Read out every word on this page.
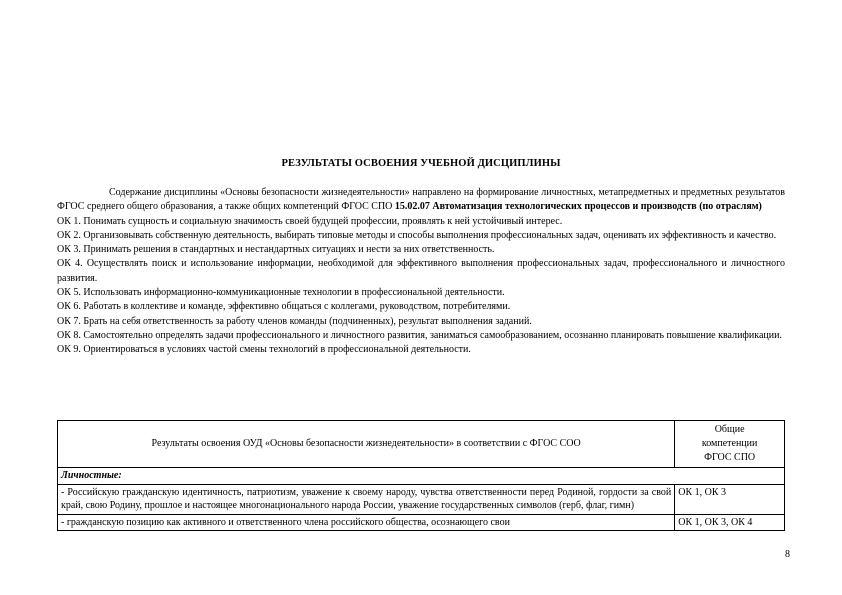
РЕЗУЛЬТАТЫ ОСВОЕНИЯ УЧЕБНОЙ ДИСЦИПЛИНЫ

Содержание дисциплины «Основы безопасности жизнедеятельности» направлено на формирование личностных, метапредметных и предметных результатов ФГОС среднего общего образования, а также общих компетенций ФГОС СПО 15.02.07 Автоматизация технологических процессов и производств (по отраслям)

ОК 1. Понимать сущность и социальную значимость своей будущей профессии, проявлять к ней устойчивый интерес.

ОК 2. Организовывать собственную деятельность, выбирать типовые методы и способы выполнения профессиональных задач, оценивать их эффективность и качество.

ОК 3. Принимать решения в стандартных и нестандартных ситуациях и нести за них ответственность.

ОК 4. Осуществлять поиск и использование информации, необходимой для эффективного выполнения профессиональных задач, профессионального и личностного развития.

ОК 5. Использовать информационно-коммуникационные технологии в профессиональной деятельности.

ОК 6. Работать в коллективе и команде, эффективно общаться с коллегами, руководством, потребителями.

ОК 7. Брать на себя ответственность за работу членов команды (подчиненных), результат выполнения заданий.

ОК 8. Самостоятельно определять задачи профессионального и личностного развития, заниматься самообразованием, осознанно планировать повышение квалификации.

ОК 9. Ориентироваться в условиях частой смены технологий в профессиональной деятельности.

Результаты освоения ОУД «Основы безопасности жизнедеятельности» в соответствии с ФГОС СОО	Общие
компетенции
ФГОС СПО

Личностные:	
- Российскую гражданскую идентичность, патриотизм, уважение к своему народу, чувства ответственности перед Родиной, гордости за свой край, свою Родину, прошлое и настоящее многонационального народа России, уважение государственных символов (герб, флаг, гимн)	ОК 1, ОК 3
- гражданскую позицию как активного и ответственного члена российского общества, осознающего свои	ОК 1, ОК 3, ОК 4
8
